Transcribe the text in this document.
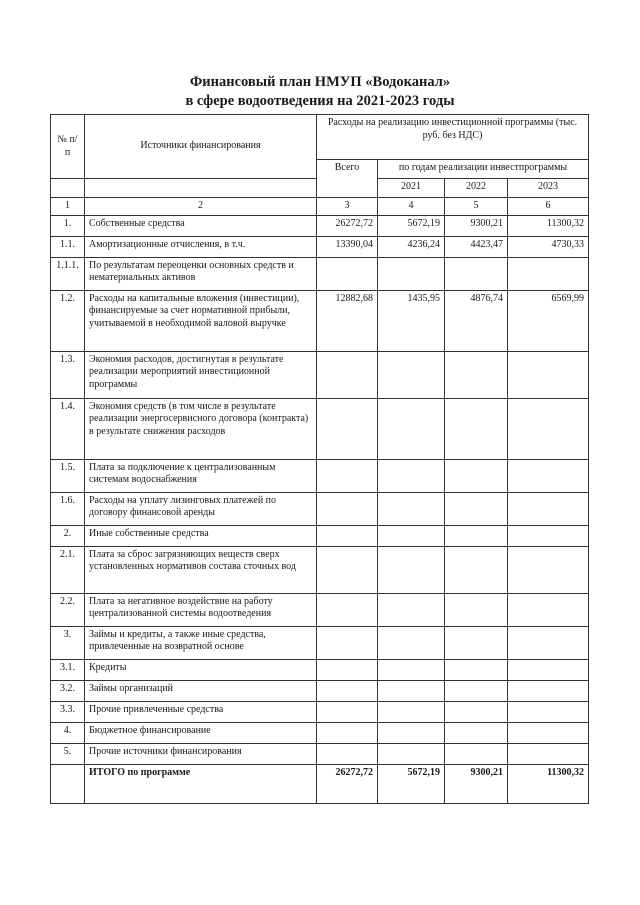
Финансовый план НМУП «Водоканал»
в сфере водоотведения на 2021-2023 годы
№ п/п	Источники финансирования	Расходы на реализацию инвестиционной программы (тыс. руб. без НДС)			
		Всего	по годам реализации инвестпрограммы		
			2021	2022	2023
1	2	3	4	5	6
1.	Собственные средства	26272,72	5672,19	9300,21	11300,32
1.1.	Амортизационные отчисления, в т.ч.	13390,04	4236,24	4423,47	4730,33
1.1.1.	По результатам переоценки основных средств и нематериальных активов				
1.2.	Расходы на капитальные вложения (инвестиции), финансируемые за счет нормативной прибыли, учитываемой в необходимой валовой выручке	12882,68	1435,95	4876,74	6569,99
1.3.	Экономия расходов, достигнутая в результате реализации мероприятий инвестиционной программы				
1.4.	Экономия средств (в том числе в результате реализации энергосервисного договора (контракта) в результате снижения расходов				
1.5.	Плата за подключение к централизованным системам водоснабжения				
1.6.	Расходы на уплату лизинговых платежей по договору финансовой аренды				
2.	Иные собственные средства				
2.1.	Плата за сброс загрязняющих веществ сверх установленных нормативов состава сточных вод				
2.2.	Плата за негативное воздействие на работу централизованной системы водоотведения				
3.	Займы и кредиты, а также иные средства, привлеченные на возвратной основе				
3.1.	Кредиты				
3.2.	Займы организаций				
3.3.	Прочие привлеченные средства				
4.	Бюджетное финансирование				
5.	Прочие источники финансирования				
	ИТОГО по программе	26272,72	5672,19	9300,21	11300,32
